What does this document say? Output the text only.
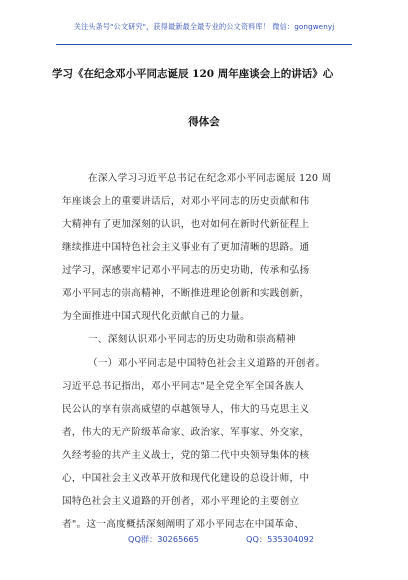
关注头条号"公文研究"，获得最新最全最专业的公文资料库！ 微信：gongwenyj
学习《在纪念邓小平同志诞辰 120 周年座谈会上的讲话》心
得体会
在深入学习习近平总书记在纪念邓小平同志诞辰 120 周
年座谈会上的重要讲话后，对邓小平同志的历史贡献和伟
大精神有了更加深刻的认识，也对如何在新时代新征程上
继续推进中国特色社会主义事业有了更加清晰的思路。通
过学习，深感要牢记邓小平同志的历史功勋，传承和弘扬
邓小平同志的崇高精神，不断推进理论创新和实践创新，
为全面推进中国式现代化贡献自己的力量。
一、深刻认识邓小平同志的历史功勋和崇高精神
（一）邓小平同志是中国特色社会主义道路的开创者。
习近平总书记指出，邓小平同志"是全党全军全国各族人
民公认的享有崇高威望的卓越领导人，伟大的马克思主义
者，伟大的无产阶级革命家、政治家、军事家、外交家，
久经考验的共产主义战士，党的第二代中央领导集体的核
心，中国社会主义改革开放和现代化建设的总设计师，中
国特色社会主义道路的开创者，邓小平理论的主要创立
者"。这一高度概括深刻阐明了邓小平同志在中国革命、
QQ群：30265665	QQ：535304092
